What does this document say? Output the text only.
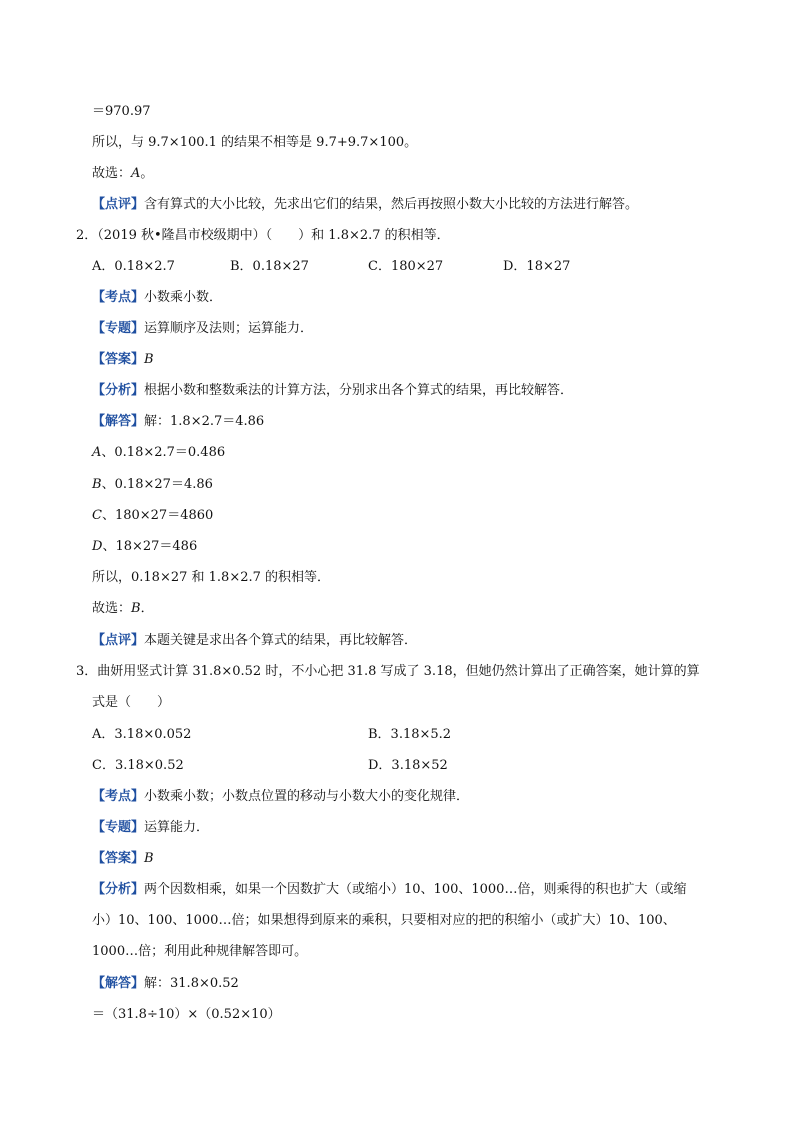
＝970.97
所以，与 9.7×100.1 的结果不相等是 9.7+9.7×100。
故选：A。
【点评】含有算式的大小比较，先求出它们的结果，然后再按照小数大小比较的方法进行解答。
2．（2019 秋•隆昌市校级期中）（　　）和 1.8×2.7 的积相等．
A．0.18×2.7	B．0.18×27	C．180×27	D．18×27
【考点】小数乘小数．
【专题】运算顺序及法则；运算能力．
【答案】B
【分析】根据小数和整数乘法的计算方法，分别求出各个算式的结果，再比较解答．
【解答】解：1.8×2.7＝4.86
A、0.18×2.7＝0.486
B、0.18×27＝4.86
C、180×27＝4860
D、18×27＝486
所以，0.18×27 和 1.8×2.7 的积相等．
故选：B．
【点评】本题关键是求出各个算式的结果，再比较解答．
3．曲妍用竖式计算 31.8×0.52 时，不小心把 31.8 写成了 3.18，但她仍然计算出了正确答案，她计算的算
式是（　　）
A．3.18×0.052	B．3.18×5.2
C．3.18×0.52	D．3.18×52
【考点】小数乘小数；小数点位置的移动与小数大小的变化规律．
【专题】运算能力．
【答案】B
【分析】两个因数相乘，如果一个因数扩大（或缩小）10、100、1000…倍，则乘得的积也扩大（或缩
小）10、100、1000…倍；如果想得到原来的乘积，只要相对应的把的积缩小（或扩大）10、100、
1000…倍；利用此种规律解答即可。
【解答】解：31.8×0.52
＝（31.8÷10）×（0.52×10）
